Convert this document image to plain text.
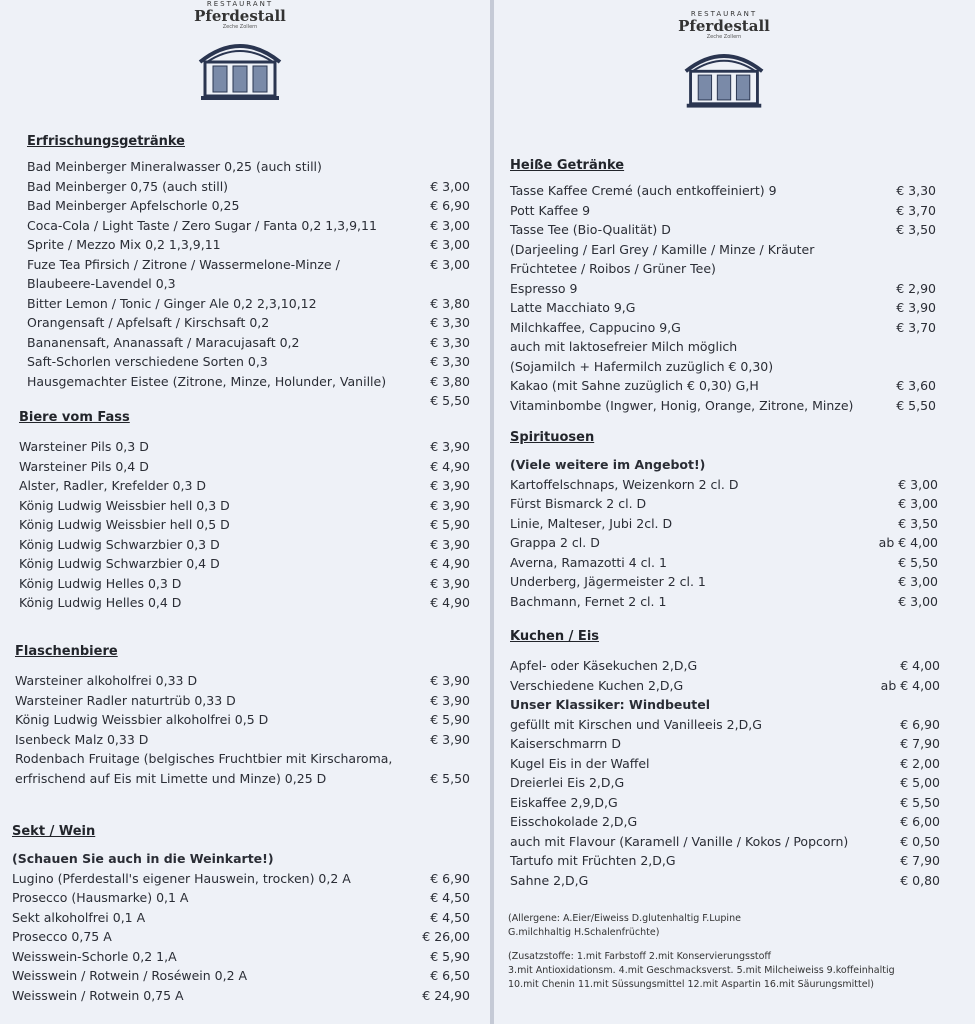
RESTAURANT
Pferdestall
Zeche Zollern
Erfrischungsgetränke
Bad Meinberger Mineralwasser 0,25 (auch still)
Bad Meinberger 0,75 (auch still)	€ 3,00
Bad Meinberger Apfelschorle 0,25	€ 6,90
Coca-Cola / Light Taste / Zero Sugar / Fanta 0,2 1,3,9,11	€ 3,00
Sprite / Mezzo Mix 0,2 1,3,9,11	€ 3,00
Fuze Tea Pfirsich / Zitrone / Wassermelone-Minze /	€ 3,00
Blaubeere-Lavendel 0,3
Bitter Lemon / Tonic / Ginger Ale 0,2 2,3,10,12	€ 3,80
Orangensaft / Apfelsaft / Kirschsaft 0,2	€ 3,30
Bananensaft, Ananassaft / Maracujasaft 0,2	€ 3,30
Saft-Schorlen verschiedene Sorten 0,3	€ 3,30
Hausgemachter Eistee (Zitrone, Minze, Holunder, Vanille)	€ 3,80
€ 5,50
Biere vom Fass
Warsteiner Pils 0,3 D	€ 3,90
Warsteiner Pils 0,4 D	€ 4,90
Alster, Radler, Krefelder 0,3 D	€ 3,90
König Ludwig Weissbier hell 0,3 D	€ 3,90
König Ludwig Weissbier hell 0,5 D	€ 5,90
König Ludwig Schwarzbier 0,3 D	€ 3,90
König Ludwig Schwarzbier 0,4 D	€ 4,90
König Ludwig Helles 0,3 D	€ 3,90
König Ludwig Helles 0,4 D	€ 4,90
Flaschenbiere
Warsteiner alkoholfrei 0,33 D	€ 3,90
Warsteiner Radler naturtrüb 0,33 D	€ 3,90
König Ludwig Weissbier alkoholfrei 0,5 D	€ 5,90
Isenbeck Malz 0,33 D	€ 3,90
Rodenbach Fruitage (belgisches Fruchtbier mit Kirscharoma,
erfrischend auf Eis mit Limette und Minze) 0,25 D	€ 5,50
Sekt / Wein
(Schauen Sie auch in die Weinkarte!)
Lugino (Pferdestall's eigener Hauswein, trocken) 0,2 A	€ 6,90
Prosecco (Hausmarke) 0,1 A	€ 4,50
Sekt alkoholfrei 0,1 A	€ 4,50
Prosecco 0,75 A	€ 26,00
Weisswein-Schorle 0,2 1,A	€ 5,90
Weisswein / Rotwein / Roséwein 0,2 A	€ 6,50
Weisswein / Rotwein 0,75 A	€ 24,90
RESTAURANT
Pferdestall
Zeche Zollern
Heiße Getränke
Tasse Kaffee Cremé (auch entkoffeiniert) 9	€ 3,30
Pott Kaffee 9	€ 3,70
Tasse Tee (Bio-Qualität) D	€ 3,50
(Darjeeling / Earl Grey / Kamille / Minze / Kräuter
Früchtetee / Roibos / Grüner Tee)
Espresso 9	€ 2,90
Latte Macchiato 9,G	€ 3,90
Milchkaffee, Cappucino 9,G	€ 3,70
auch mit laktosefreier Milch möglich
(Sojamilch + Hafermilch zuzüglich € 0,30)
Kakao (mit Sahne zuzüglich € 0,30) G,H	€ 3,60
Vitaminbombe (Ingwer, Honig, Orange, Zitrone, Minze)	€ 5,50
Spirituosen
(Viele weitere im Angebot!)
Kartoffelschnaps, Weizenkorn 2 cl. D	€ 3,00
Fürst Bismarck 2 cl. D	€ 3,00
Linie, Malteser, Jubi 2cl. D	€ 3,50
Grappa 2 cl. D	ab € 4,00
Averna, Ramazotti 4 cl. 1	€ 5,50
Underberg, Jägermeister 2 cl. 1	€ 3,00
Bachmann, Fernet 2 cl. 1	€ 3,00
Kuchen / Eis
Apfel- oder Käsekuchen 2,D,G	€ 4,00
Verschiedene Kuchen 2,D,G	ab € 4,00
Unser Klassiker: Windbeutel
gefüllt mit Kirschen und Vanilleeis 2,D,G	€ 6,90
Kaiserschmarrn D	€ 7,90
Kugel Eis in der Waffel	€ 2,00
Dreierlei Eis 2,D,G	€ 5,00
Eiskaffee 2,9,D,G	€ 5,50
Eisschokolade 2,D,G	€ 6,00
auch mit Flavour (Karamell / Vanille / Kokos / Popcorn)	€ 0,50
Tartufo mit Früchten 2,D,G	€ 7,90
Sahne 2,D,G	€ 0,80
(Allergene: A.Eier/Eiweiss D.glutenhaltig F.Lupine
G.milchhaltig H.Schalenfrüchte)
(Zusatzstoffe: 1.mit Farbstoff 2.mit Konservierungsstoff
3.mit Antioxidationsm. 4.mit Geschmacksverst. 5.mit Milcheiweiss 9.koffeinhaltig
10.mit Chenin 11.mit Süssungsmittel 12.mit Aspartin 16.mit Säurungsmittel)
